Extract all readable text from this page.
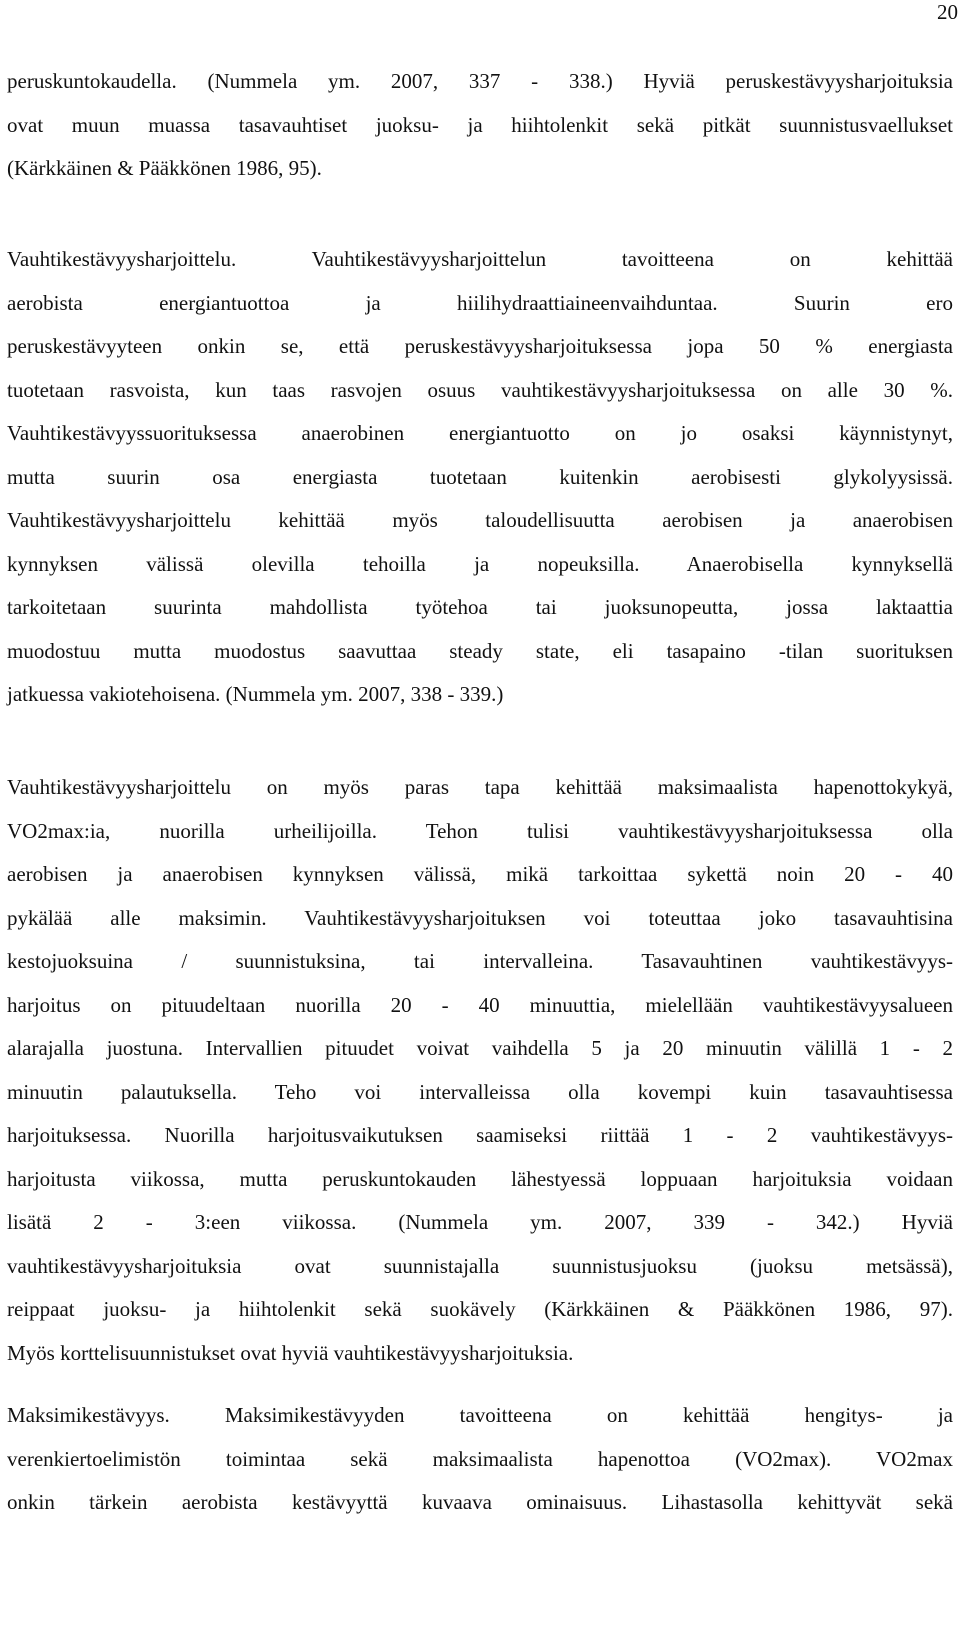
20
peruskuntokaudella. (Nummela ym. 2007, 337 - 338.) Hyviä peruskestävyysharjoituksia
ovat muun muassa tasavauhtiset juoksu- ja hiihtolenkit sekä pitkät suunnistusvaellukset
(Kärkkäinen & Pääkkönen 1986, 95).
Vauhtikestävyysharjoittelu. Vauhtikestävyysharjoittelun tavoitteena on kehittää
aerobista energiantuottoa ja hiilihydraattiaineenvaihduntaa. Suurin ero
peruskestävyyteen onkin se, että peruskestävyysharjoituksessa jopa 50 % energiasta
tuotetaan rasvoista, kun taas rasvojen osuus vauhtikestävyysharjoituksessa on alle 30 %.
Vauhtikestävyyssuorituksessa anaerobinen energiantuotto on jo osaksi käynnistynyt,
mutta suurin osa energiasta tuotetaan kuitenkin aerobisesti glykolyysissä.
Vauhtikestävyysharjoittelu kehittää myös taloudellisuutta aerobisen ja anaerobisen
kynnyksen välissä olevilla tehoilla ja nopeuksilla. Anaerobisella kynnyksellä
tarkoitetaan suurinta mahdollista työtehoa tai juoksunopeutta, jossa laktaattia
muodostuu mutta muodostus saavuttaa steady state, eli tasapaino -tilan suorituksen
jatkuessa vakiotehoisena. (Nummela ym. 2007, 338 - 339.)
Vauhtikestävyysharjoittelu on myös paras tapa kehittää maksimaalista hapenottokykyä,
VO2max:ia, nuorilla urheilijoilla. Tehon tulisi vauhtikestävyysharjoituksessa olla
aerobisen ja anaerobisen kynnyksen välissä, mikä tarkoittaa sykettä noin 20 - 40
pykälää alle maksimin. Vauhtikestävyysharjoituksen voi toteuttaa joko tasavauhtisina
kestojuoksuina / suunnistuksina, tai intervalleina. Tasavauhtinen vauhtikestävyys-
harjoitus on pituudeltaan nuorilla 20 - 40 minuuttia, mielellään vauhtikestävyysalueen
alarajalla juostuna. Intervallien pituudet voivat vaihdella 5 ja 20 minuutin välillä 1 - 2
minuutin palautuksella. Teho voi intervalleissa olla kovempi kuin tasavauhtisessa
harjoituksessa. Nuorilla harjoitusvaikutuksen saamiseksi riittää 1 - 2 vauhtikestävyys-
harjoitusta viikossa, mutta peruskuntokauden lähestyessä loppuaan harjoituksia voidaan
lisätä 2 - 3:een viikossa. (Nummela ym. 2007, 339 - 342.) Hyviä
vauhtikestävyysharjoituksia ovat suunnistajalla suunnistusjuoksu (juoksu metsässä),
reippaat juoksu- ja hiihtolenkit sekä suokävely (Kärkkäinen & Pääkkönen 1986, 97).
Myös korttelisuunnistukset ovat hyviä vauhtikestävyysharjoituksia.
Maksimikestävyys. Maksimikestävyyden tavoitteena on kehittää hengitys- ja
verenkiertoelimistön toimintaa sekä maksimaalista hapenottoa (VO2max). VO2max
onkin tärkein aerobista kestävyyttä kuvaava ominaisuus. Lihastasolla kehittyvät sekä
